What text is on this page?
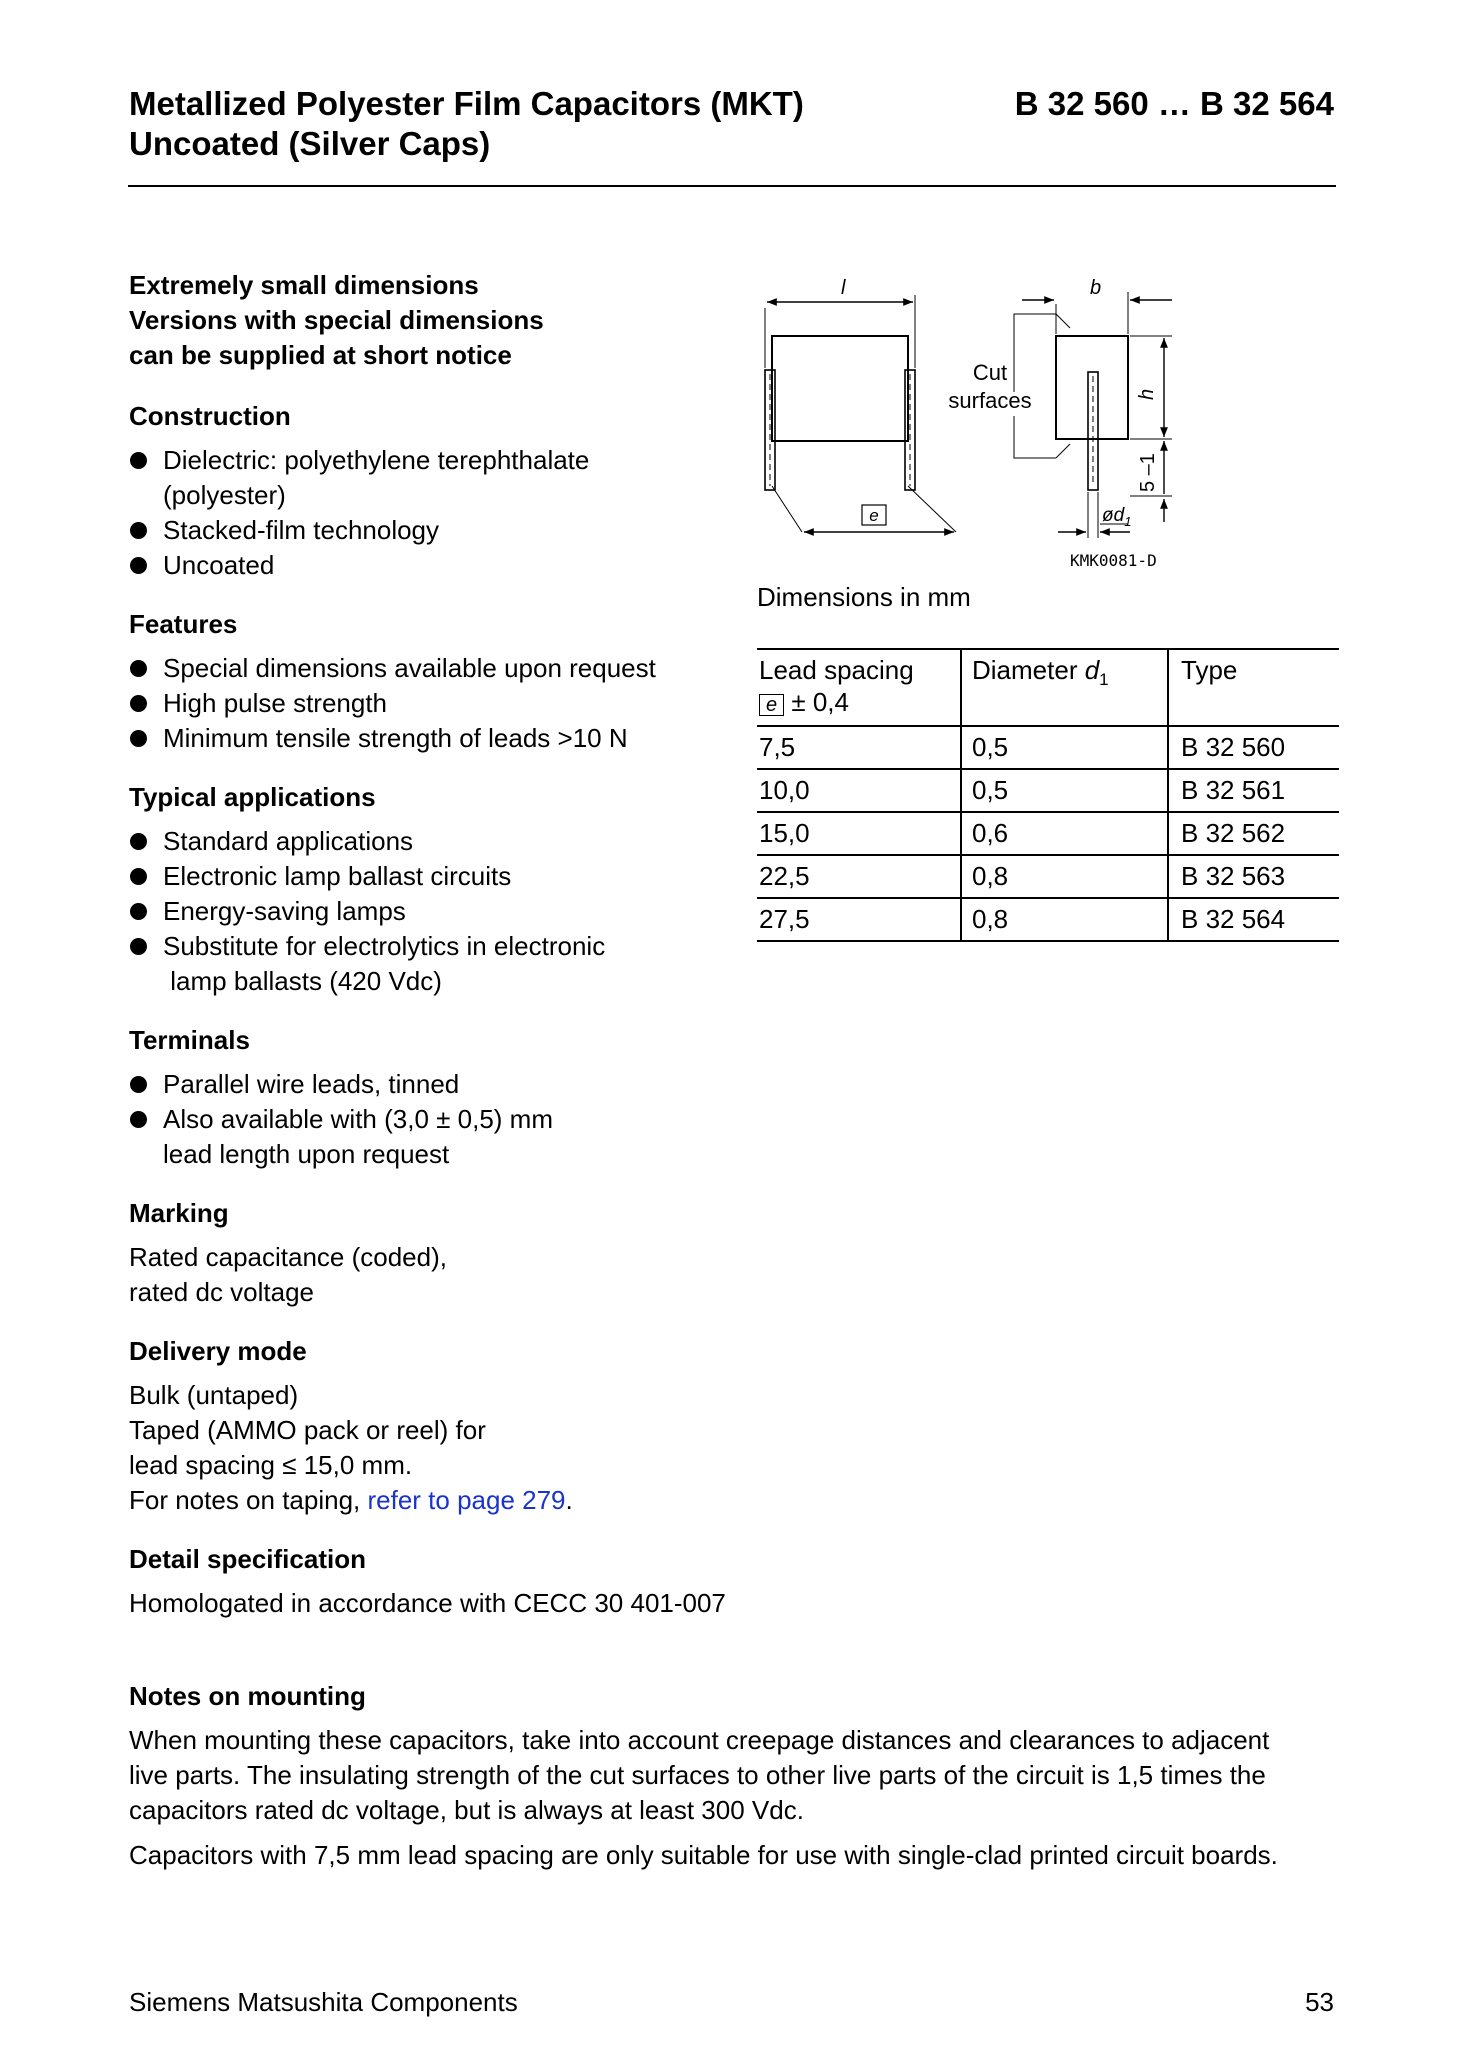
Metallized Polyester Film Capacitors (MKT)
Uncoated (Silver Caps)
B 32 560 … B 32 564
Extremely small dimensions
Versions with special dimensions
can be supplied at short notice
Construction
Dielectric: polyethylene terephthalate
(polyester)
Stacked-film technology
Uncoated
Features
Special dimensions available upon request
High pulse strength
Minimum tensile strength of leads >10 N
Typical applications
Standard applications
Electronic lamp ballast circuits
Energy-saving lamps
Substitute for electrolytics in electronic
lamp ballasts (420 Vdc)
Terminals
Parallel wire leads, tinned
Also available with (3,0 ± 0,5) mm
lead length upon request
Marking
Rated capacitance (coded),
rated dc voltage
Delivery mode
Bulk (untaped)
Taped (AMMO pack or reel) for
lead spacing ≤ 15,0 mm.
For notes on taping, refer to page 279.
Detail specification
Homologated in accordance with CECC 30 401-007
Notes on mounting
When mounting these capacitors, take into account creepage distances and clearances to adjacent
live parts. The insulating strength of the cut surfaces to other live parts of the circuit is 1,5 times the
capacitors rated dc voltage, but is always at least 300 Vdc.
Capacitors with 7,5 mm lead spacing are only suitable for use with single-clad printed circuit boards.
l	b
e
Cut
surfaces	h
5 –1
$ød_1$
KMK0081-D
Dimensions in mm
Lead spacing
e ± 0,4	Diameter $d_1$	Type
7,5	0,5	B 32 560
10,0	0,5	B 32 561
15,0	0,6	B 32 562
22,5	0,8	B 32 563
27,5	0,8	B 32 564
Siemens Matsushita Components	53
